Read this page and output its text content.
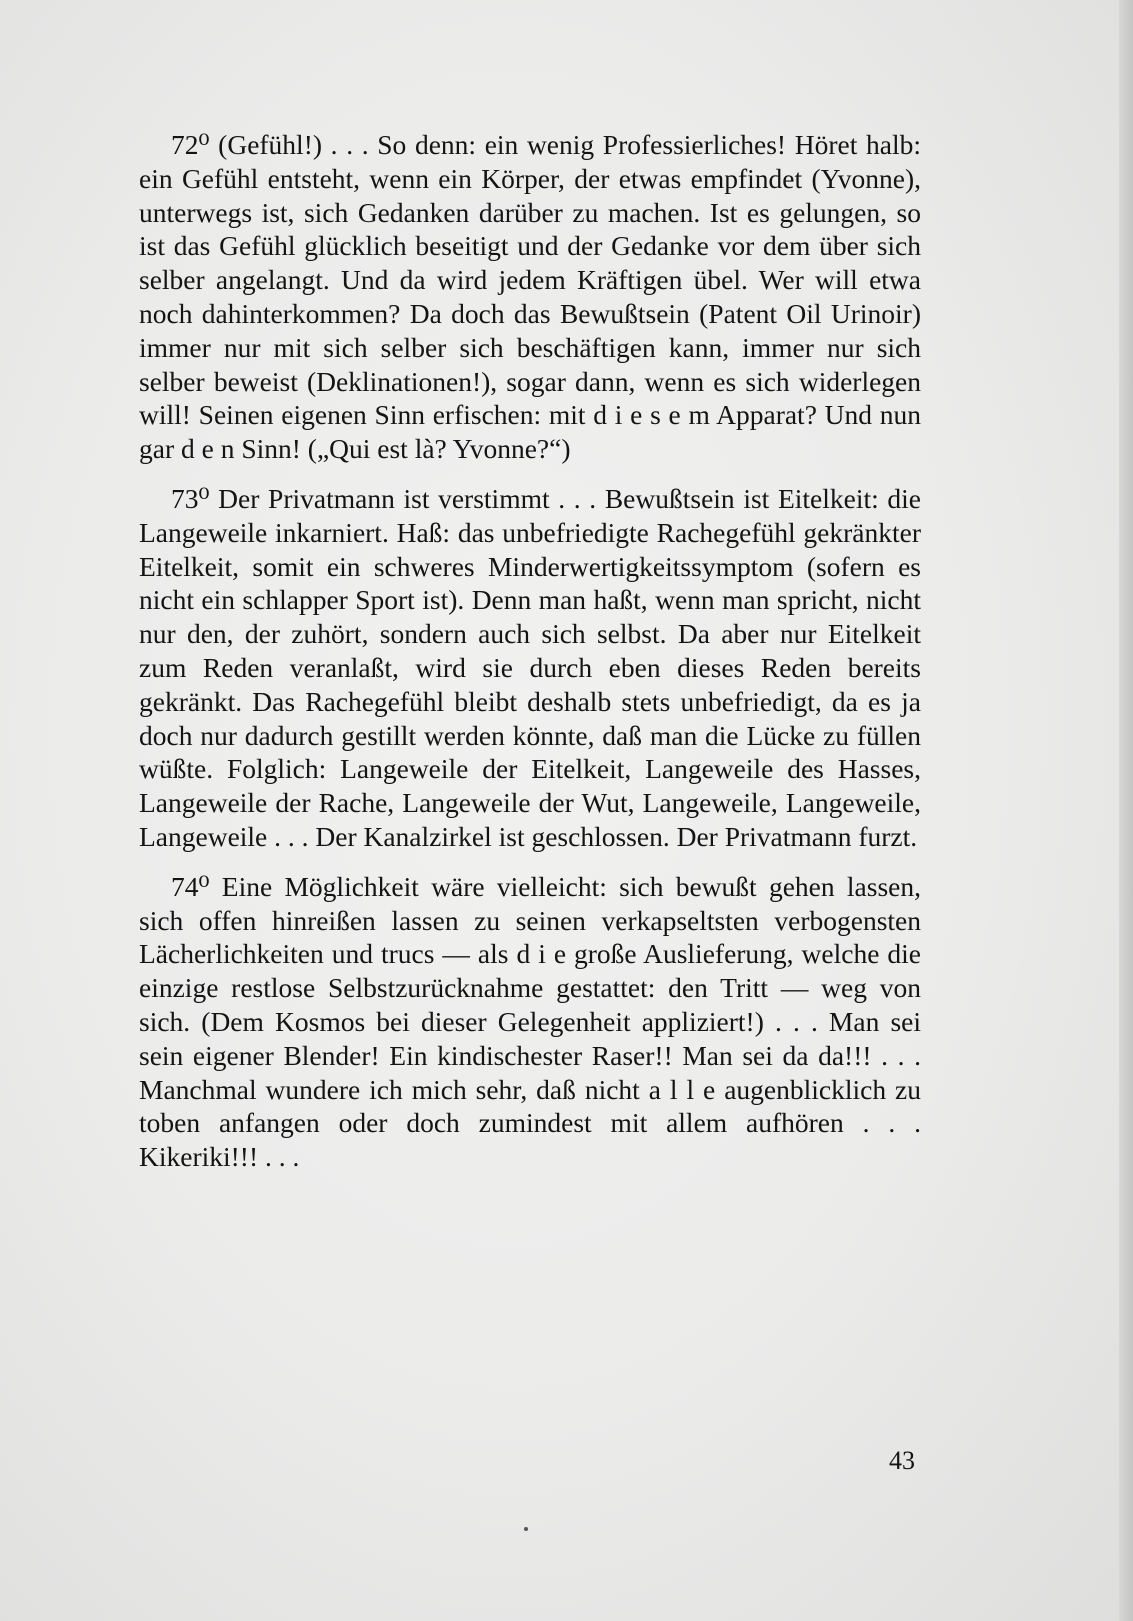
72⁰ (Gefühl!) . . . So denn: ein wenig Professierliches! Höret halb: ein Gefühl entsteht, wenn ein Körper, der etwas empfindet (Yvonne), unterwegs ist, sich Gedanken darüber zu machen. Ist es gelungen, so ist das Gefühl glücklich beseitigt und der Gedanke vor dem über sich selber angelangt. Und da wird jedem Kräftigen übel. Wer will etwa noch dahinterkommen? Da doch das Bewußtsein (Patent Oil Urinoir) immer nur mit sich selber sich beschäftigen kann, immer nur sich selber beweist (Deklinationen!), sogar dann, wenn es sich widerlegen will! Seinen eigenen Sinn erfischen: mit d i e s e m Apparat? Und nun gar d e n Sinn! („Qui est là? Yvonne?“)

73⁰ Der Privatmann ist verstimmt . . . Bewußtsein ist Eitelkeit: die Langeweile inkarniert. Haß: das unbefriedigte Rachegefühl gekränkter Eitelkeit, somit ein schweres Minderwertigkeitssymptom (sofern es nicht ein schlapper Sport ist). Denn man haßt, wenn man spricht, nicht nur den, der zuhört, sondern auch sich selbst. Da aber nur Eitelkeit zum Reden veranlaßt, wird sie durch eben dieses Reden bereits gekränkt. Das Rachegefühl bleibt deshalb stets unbefriedigt, da es ja doch nur dadurch gestillt werden könnte, daß man die Lücke zu füllen wüßte. Folglich: Langeweile der Eitelkeit, Langeweile des Hasses, Langeweile der Rache, Langeweile der Wut, Langeweile, Langeweile, Langeweile . . . Der Kanalzirkel ist geschlossen. Der Privatmann furzt.

74⁰ Eine Möglichkeit wäre vielleicht: sich bewußt gehen lassen, sich offen hinreißen lassen zu seinen verkapseltsten verbogensten Lächerlichkeiten und trucs — als d i e große Auslieferung, welche die einzige restlose Selbstzurücknahme gestattet: den Tritt — weg von sich. (Dem Kosmos bei dieser Gelegenheit appliziert!) . . . Man sei sein eigener Blender! Ein kindischester Raser!! Man sei da da!!! . . . Manchmal wundere ich mich sehr, daß nicht a l l e augenblicklich zu toben anfangen oder doch zumindest mit allem aufhören . . . Kikeriki!!! . . .

43
